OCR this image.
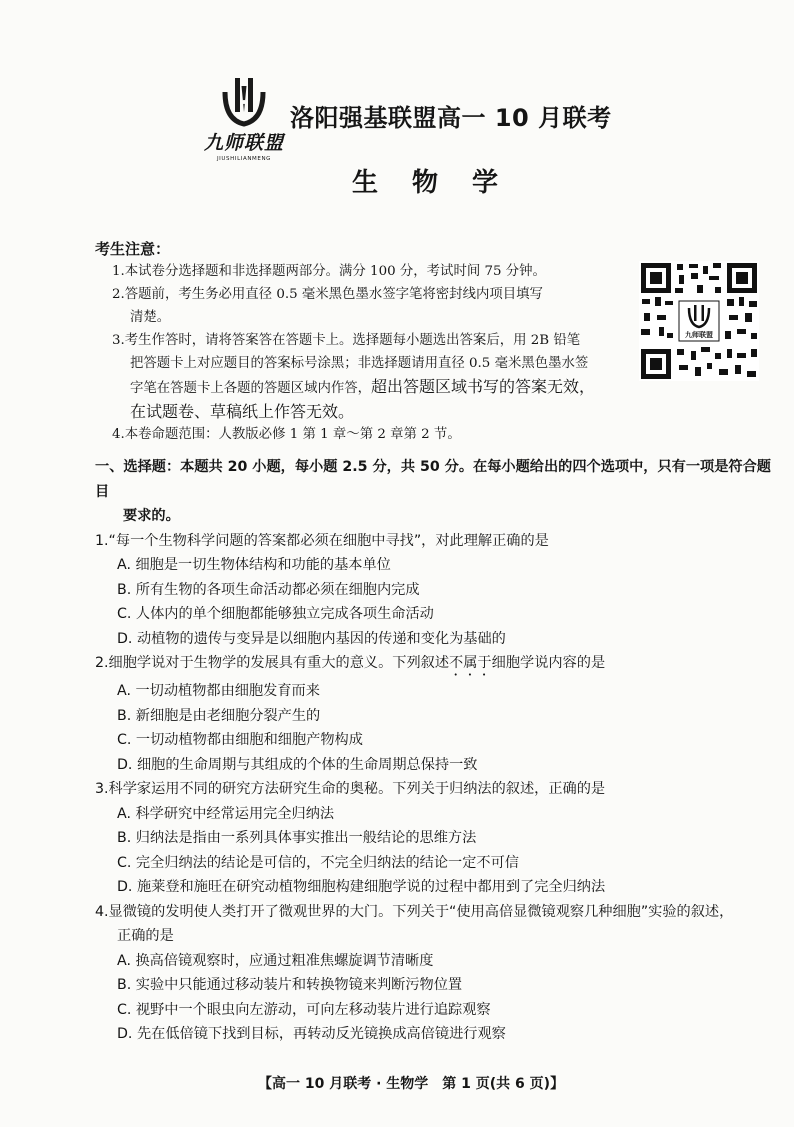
九师联盟
JIUSHILIANMENG
洛阳强基联盟高一 10 月联考
生物学
考生注意：

1.本试卷分选择题和非选择题两部分。满分 100 分，考试时间 75 分钟。

2.答题前，考生务必用直径 0.5 毫米黑色墨水签字笔将密封线内项目填写

清楚。

3.考生作答时，请将答案答在答题卡上。选择题每小题选出答案后，用 2B 铅笔

把答题卡上对应题目的答案标号涂黑；非选择题请用直径 0.5 毫米黑色墨水签

字笔在答题卡上各题的答题区域内作答，超出答题区域书写的答案无效，

在试题卷、草稿纸上作答无效。

4.本卷命题范围：人教版必修 1 第 1 章～第 2 章第 2 节。

九师联盟

一、选择题：本题共 20 小题，每小题 2.5 分，共 50 分。在每小题给出的四个选项中，只有一项是符合题目

要求的。

1.“每一个生物科学问题的答案都必须在细胞中寻找”，对此理解正确的是

A. 细胞是一切生物体结构和功能的基本单位

B. 所有生物的各项生命活动都必须在细胞内完成

C. 人体内的单个细胞都能够独立完成各项生命活动

D. 动植物的遗传与变异是以细胞内基因的传递和变化为基础的

2.细胞学说对于生物学的发展具有重大的意义。下列叙述不属于细胞学说内容的是

A. 一切动植物都由细胞发育而来

B. 新细胞是由老细胞分裂产生的

C. 一切动植物都由细胞和细胞产物构成

D. 细胞的生命周期与其组成的个体的生命周期总保持一致

3.科学家运用不同的研究方法研究生命的奥秘。下列关于归纳法的叙述，正确的是

A. 科学研究中经常运用完全归纳法

B. 归纳法是指由一系列具体事实推出一般结论的思维方法

C. 完全归纳法的结论是可信的，不完全归纳法的结论一定不可信

D. 施莱登和施旺在研究动植物细胞构建细胞学说的过程中都用到了完全归纳法

4.显微镜的发明使人类打开了微观世界的大门。下列关于“使用高倍显微镜观察几种细胞”实验的叙述，

正确的是

A. 换高倍镜观察时，应通过粗准焦螺旋调节清晰度

B. 实验中只能通过移动装片和转换物镜来判断污物位置

C. 视野中一个眼虫向左游动，可向左移动装片进行追踪观察

D. 先在低倍镜下找到目标，再转动反光镜换成高倍镜进行观察

【高一 10 月联考 · 生物学　第 1 页(共 6 页)】
